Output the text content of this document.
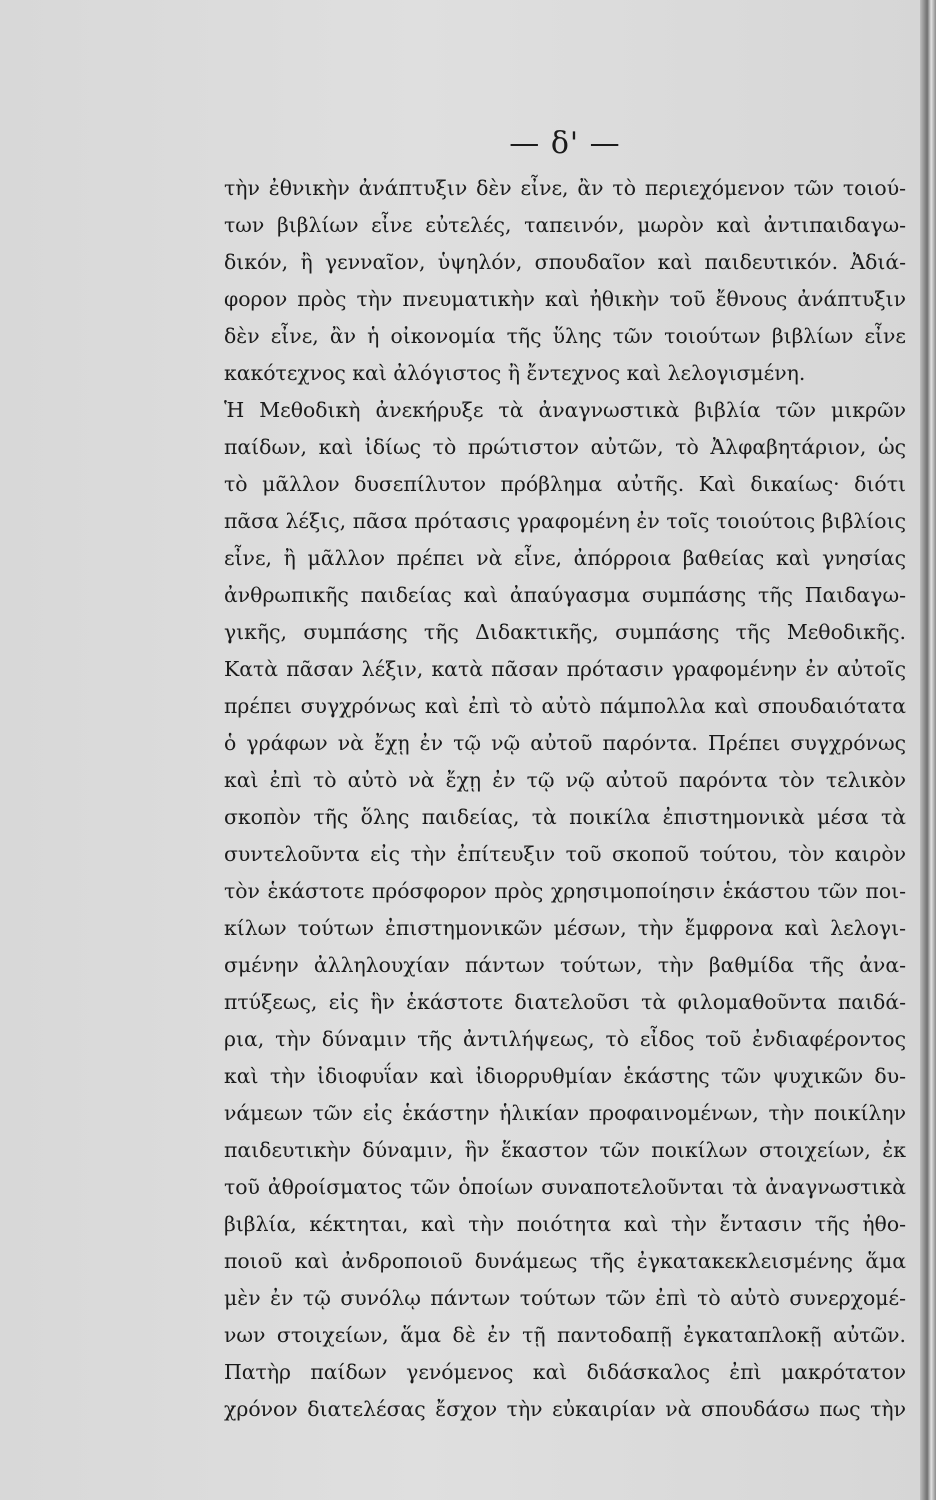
— δ' —
τὴν ἐθνικὴν ἀνάπτυξιν δὲν εἶνε, ἂν τὸ περιεχόμενον τῶν τοιού-
των βιβλίων εἶνε εὐτελές, ταπεινόν, μωρὸν καὶ ἀντιπαιδαγω-
δικόν, ἢ γενναῖον, ὑψηλόν, σπουδαῖον καὶ παιδευτικόν. Ἀδιά-
φορον πρὸς τὴν πνευματικὴν καὶ ἠθικὴν τοῦ ἔθνους ἀνάπτυξιν
δὲν εἶνε, ἂν ἡ οἰκονομία τῆς ὕλης τῶν τοιούτων βιβλίων εἶνε
κακότεχνος καὶ ἀλόγιστος ἢ ἔντεχνος καὶ λελογισμένη.
Ἡ Μεθοδικὴ ἀνεκήρυξε τὰ ἀναγνωστικὰ βιβλία τῶν μικρῶν
παίδων, καὶ ἰδίως τὸ πρώτιστον αὐτῶν, τὸ Ἀλφαβητάριον, ὡς
τὸ μᾶλλον δυσεπίλυτον πρόβλημα αὐτῆς. Καὶ δικαίως· διότι
πᾶσα λέξις, πᾶσα πρότασις γραφομένη ἐν τοῖς τοιούτοις βιβλίοις
εἶνε, ἢ μᾶλλον πρέπει νὰ εἶνε, ἀπόρροια βαθείας καὶ γνησίας
ἀνθρωπικῆς παιδείας καὶ ἀπαύγασμα συμπάσης τῆς Παιδαγω-
γικῆς, συμπάσης τῆς Διδακτικῆς, συμπάσης τῆς Μεθοδικῆς.
Κατὰ πᾶσαν λέξιν, κατὰ πᾶσαν πρότασιν γραφομένην ἐν αὐτοῖς
πρέπει συγχρόνως καὶ ἐπὶ τὸ αὐτὸ πάμπολλα καὶ σπουδαιότατα
ὁ γράφων νὰ ἔχῃ ἐν τῷ νῷ αὐτοῦ παρόντα. Πρέπει συγχρόνως
καὶ ἐπὶ τὸ αὐτὸ νὰ ἔχῃ ἐν τῷ νῷ αὐτοῦ παρόντα τὸν τελικὸν
σκοπὸν τῆς ὅλης παιδείας, τὰ ποικίλα ἐπιστημονικὰ μέσα τὰ
συντελοῦντα εἰς τὴν ἐπίτευξιν τοῦ σκοποῦ τούτου, τὸν καιρὸν
τὸν ἑκάστοτε πρόσφορον πρὸς χρησιμοποίησιν ἑκάστου τῶν ποι-
κίλων τούτων ἐπιστημονικῶν μέσων, τὴν ἔμφρονα καὶ λελογι-
σμένην ἀλληλουχίαν πάντων τούτων, τὴν βαθμίδα τῆς ἀνα-
πτύξεως, εἰς ἣν ἑκάστοτε διατελοῦσι τὰ φιλομαθοῦντα παιδά-
ρια, τὴν δύναμιν τῆς ἀντιλήψεως, τὸ εἶδος τοῦ ἐνδιαφέροντος
καὶ τὴν ἰδιοφυΐαν καὶ ἰδιορρυθμίαν ἑκάστης τῶν ψυχικῶν δυ-
νάμεων τῶν εἰς ἑκάστην ἡλικίαν προφαινομένων, τὴν ποικίλην
παιδευτικὴν δύναμιν, ἣν ἕκαστον τῶν ποικίλων στοιχείων, ἐκ
τοῦ ἀθροίσματος τῶν ὁποίων συναποτελοῦνται τὰ ἀναγνωστικὰ
βιβλία, κέκτηται, καὶ τὴν ποιότητα καὶ τὴν ἔντασιν τῆς ἠθο-
ποιοῦ καὶ ἀνδροποιοῦ δυνάμεως τῆς ἐγκατακεκλεισμένης ἅμα
μὲν ἐν τῷ συνόλῳ πάντων τούτων τῶν ἐπὶ τὸ αὐτὸ συνερχομέ-
νων στοιχείων, ἅμα δὲ ἐν τῇ παντοδαπῇ ἐγκαταπλοκῇ αὐτῶν.
Πατὴρ παίδων γενόμενος καὶ διδάσκαλος ἐπὶ μακρότατον
χρόνον διατελέσας ἔσχον τὴν εὐκαιρίαν νὰ σπουδάσω πως τὴν
